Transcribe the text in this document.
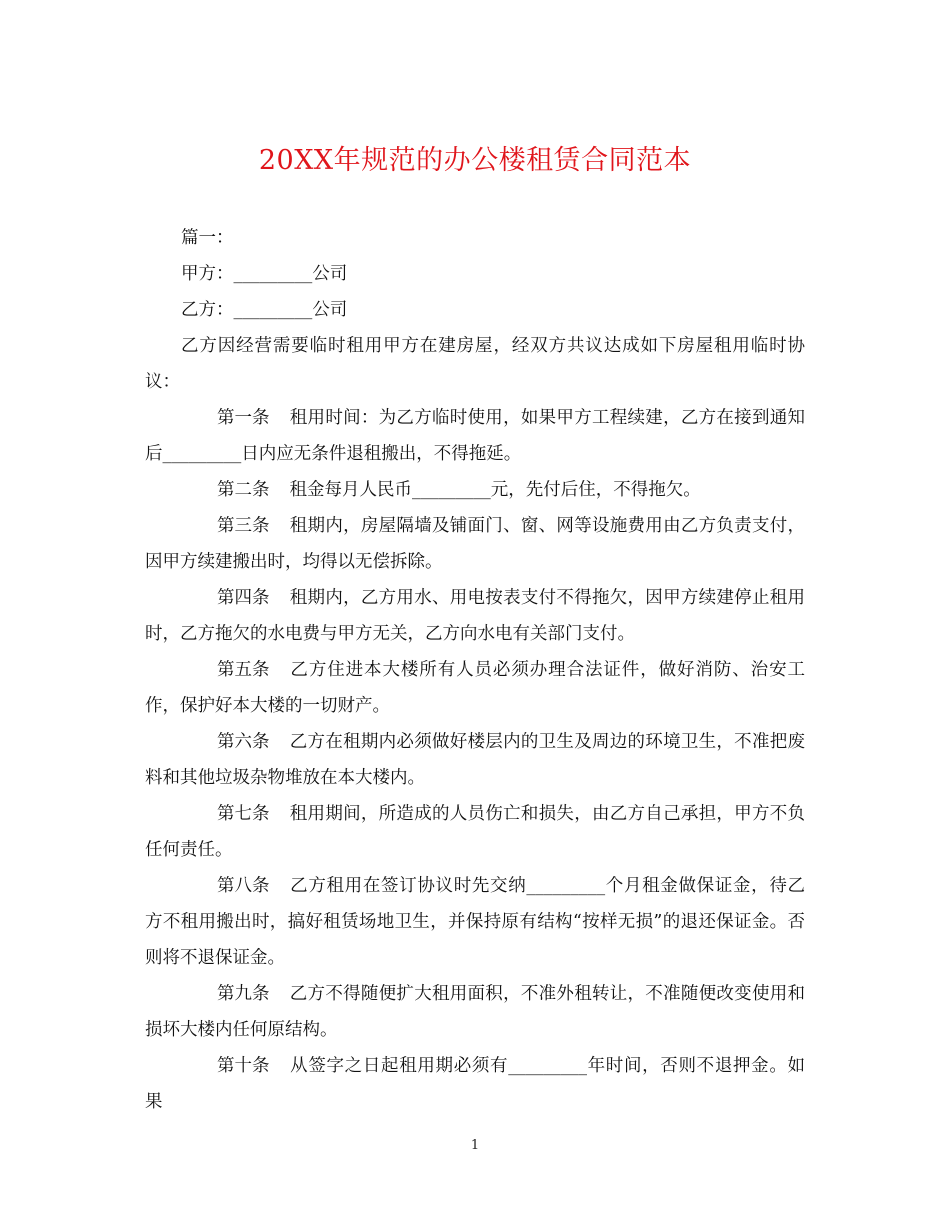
20XX年规范的办公楼租赁合同范本

篇一：

甲方：_________公司

乙方：_________公司

乙方因经营需要临时租用甲方在建房屋，经双方共议达成如下房屋租用临时协议：

第一条 租用时间：为乙方临时使用，如果甲方工程续建，乙方在接到通知后_________日内应无条件退租搬出，不得拖延。

第二条 租金每月人民币_________元，先付后住，不得拖欠。

第三条 租期内，房屋隔墙及铺面门、窗、网等设施费用由乙方负责支付，因甲方续建搬出时，均得以无偿拆除。

第四条 租期内，乙方用水、用电按表支付不得拖欠，因甲方续建停止租用时，乙方拖欠的水电费与甲方无关，乙方向水电有关部门支付。

第五条 乙方住进本大楼所有人员必须办理合法证件，做好消防、治安工作，保护好本大楼的一切财产。

第六条 乙方在租期内必须做好楼层内的卫生及周边的环境卫生，不准把废料和其他垃圾杂物堆放在本大楼内。

第七条 租用期间，所造成的人员伤亡和损失，由乙方自己承担，甲方不负任何责任。

第八条 乙方租用在签订协议时先交纳_________个月租金做保证金，待乙方不租用搬出时，搞好租赁场地卫生，并保持原有结构“按样无损”的退还保证金。否则将不退保证金。

第九条 乙方不得随便扩大租用面积，不准外租转让，不准随便改变使用和损坏大楼内任何原结构。

第十条 从签字之日起租用期必须有_________年时间，否则不退押金。如果

1
